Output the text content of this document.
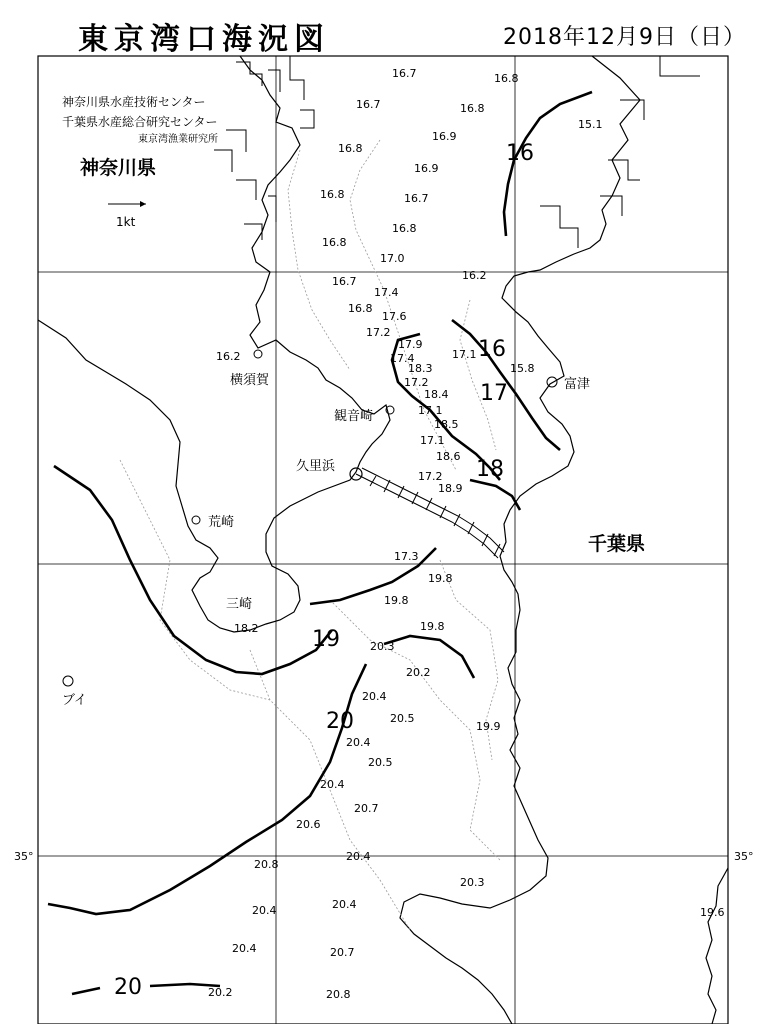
東京湾口海況図	2018年12月9日（日）
神奈川県水産技術センター
千葉県水産総合研究センター
東京湾漁業研究所
神奈川県
千葉県
1kt
35°	35°
横須賀
観音崎
久里浜
荒崎
三崎
富津
ブイ
16
16
17
18
19
20
20
16.7	16.8
16.7	16.8
15.1
16.8
16.9
16.9
16.8	16.7
16.8
16.8
17.0
16.7
17.4
16.2
16.8
17.6
17.2
16.2
17.9
17.4
18.3
17.1
15.8
17.2
18.4
17.1
18.5
17.1
18.6
17.2
18.9
17.3
19.8
19.8
18.2	19.8
20.3
20.2
20.4
20.5
20.4
20.5
20.4
20.7
20.6
20.4
20.8
20.3
20.4	20.4
20.4	20.7
20.2	20.8
19.6
19.9
